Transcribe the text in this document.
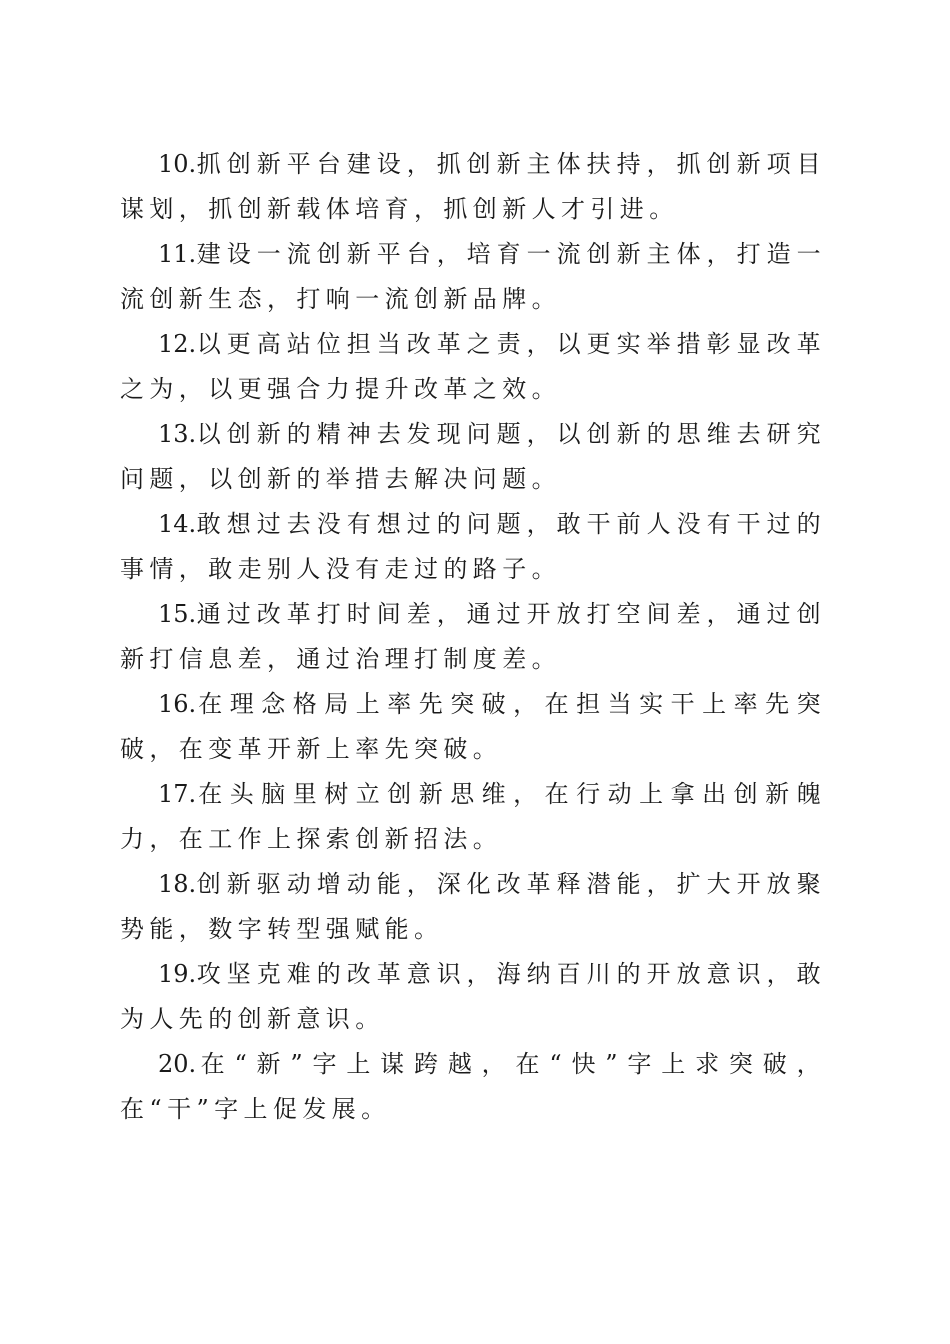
10.抓创新平台建设，抓创新主体扶持，抓创新项目谋划，抓创新载体培育，抓创新人才引进。

11.建设一流创新平台，培育一流创新主体，打造一流创新生态，打响一流创新品牌。

12.以更高站位担当改革之责，以更实举措彰显改革之为，以更强合力提升改革之效。

13.以创新的精神去发现问题，以创新的思维去研究问题，以创新的举措去解决问题。

14.敢想过去没有想过的问题，敢干前人没有干过的事情，敢走别人没有走过的路子。

15.通过改革打时间差，通过开放打空间差，通过创新打信息差，通过治理打制度差。

16.在理念格局上率先突破，在担当实干上率先突破，在变革开新上率先突破。

17.在头脑里树立创新思维，在行动上拿出创新魄力，在工作上探索创新招法。

18.创新驱动增动能，深化改革释潜能，扩大开放聚势能，数字转型强赋能。

19.攻坚克难的改革意识，海纳百川的开放意识，敢为人先的创新意识。

20.在“新”字上谋跨越，在“快”字上求突破，在“干”字上促发展。
